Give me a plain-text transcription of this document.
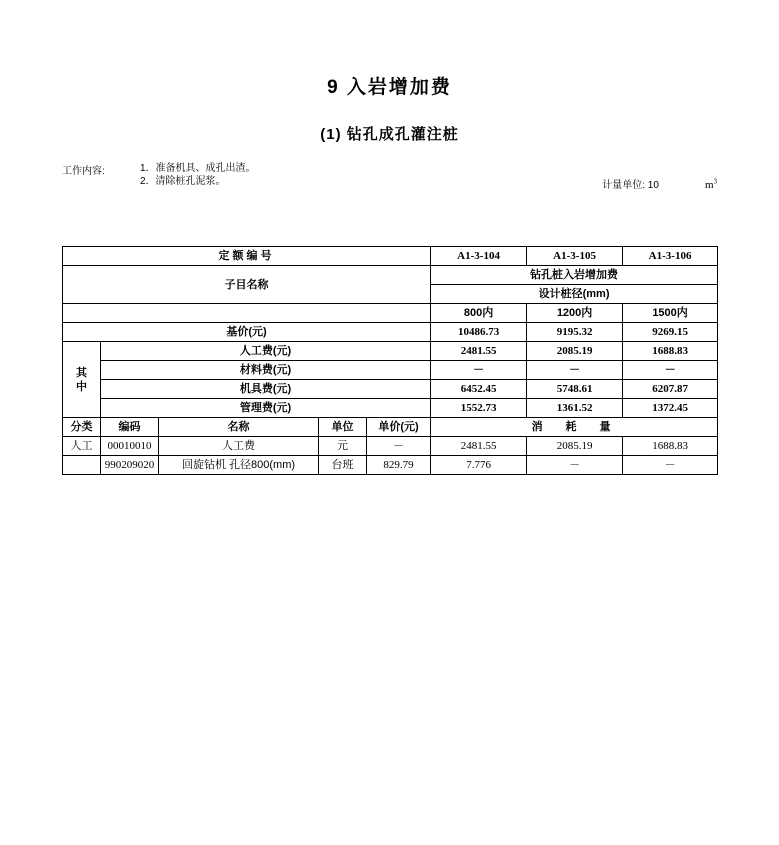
9 入岩增加费
(1) 钻孔成孔灌注桩
工作内容:	1．准备机具、成孔出渣。
2．清除桩孔泥浆。	计量单位: 10	$m^3$
定额编号					A1-3-104	A1-3-105	A1-3-106
子目名称					钻孔桩入岩增加费		
					设计桩径(mm)		
					800内	1200内	1500内
基价(元)					10486.73	9195.32	9269.15
其
中	人工费(元)				2481.55	2085.19	1688.83
	材料费(元)				－	－	－
	机具费(元)				6452.45	5748.61	6207.87
	管理费(元)				1552.73	1361.52	1372.45
分类	编码	名称	单位	单价(元)	消　耗　量		
人工	00010010	人工费	元	－	2481.55	2085.19	1688.83
	990209020	回旋钻机 孔径800(mm)	台班	829.79	7.776	－	－
